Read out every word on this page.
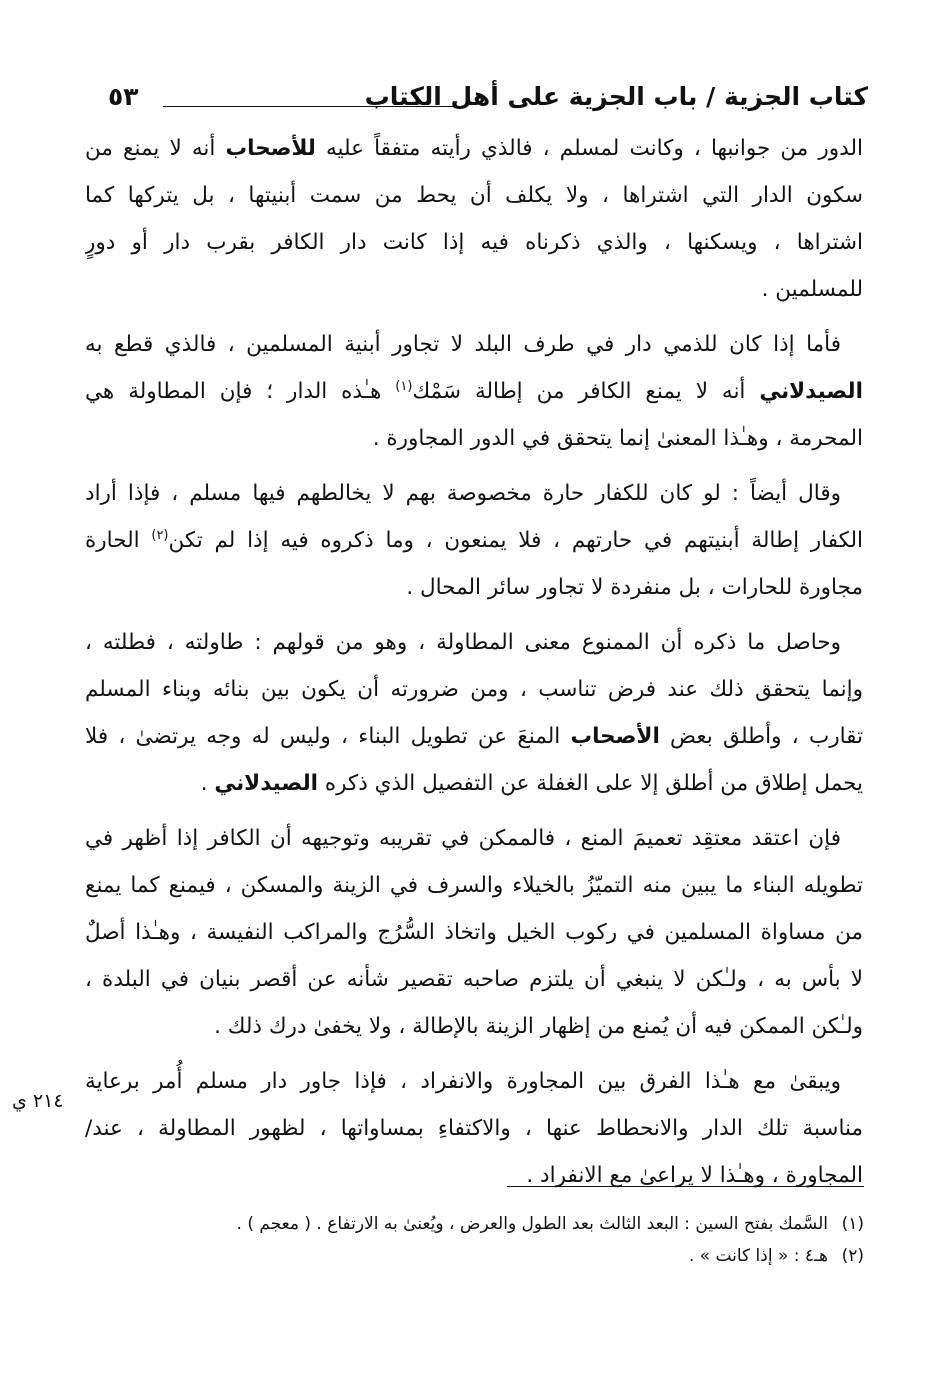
كتاب الجزية / باب الجزية على أهل الكتاب
٥٣
الدور من جوانبها ، وكانت لمسلم ، فالذي رأيته متفقاً عليه للأصحاب أنه لا يمنع من
سكون الدار التي اشتراها ، ولا يكلف أن يحط من سمت أبنيتها ، بل يتركها كما
اشتراها ، ويسكنها ، والذي ذكرناه فيه إذا كانت دار الكافر بقرب دار أو دورٍ
للمسلمين .
فأما إذا كان للذمي دار في طرف البلد لا تجاور أبنية المسلمين ، فالذي قطع به
الصيدلاني أنه لا يمنع الكافر من إطالة سَمْك$^{(١)}$ هـٰذه الدار ؛ فإن المطاولة هي
المحرمة ، وهـٰذا المعنىٰ إنما يتحقق في الدور المجاورة .
وقال أيضاً : لو كان للكفار حارة مخصوصة بهم لا يخالطهم فيها مسلم ، فإذا أراد
الكفار إطالة أبنيتهم في حارتهم ، فلا يمنعون ، وما ذكروه فيه إذا لم تكن$^{(٢)}$ الحارة
مجاورة للحارات ، بل منفردة لا تجاور سائر المحال .
وحاصل ما ذكره أن الممنوع معنى المطاولة ، وهو من قولهم : طاولته ، فطلته ،
وإنما يتحقق ذلك عند فرض تناسب ، ومن ضرورته أن يكون بين بنائه وبناء المسلم
تقارب ، وأطلق بعض الأصحاب المنعَ عن تطويل البناء ، وليس له وجه يرتضىٰ ، فلا
يحمل إطلاق من أطلق إلا على الغفلة عن التفصيل الذي ذكره الصيدلاني .
فإن اعتقد معتقِد تعميمَ المنع ، فالممكن في تقريبه وتوجيهه أن الكافر إذا أظهر في
تطويله البناء ما يبين منه التميّزُ بالخيلاء والسرف في الزينة والمسكن ، فيمنع كما يمنع
من مساواة المسلمين في ركوب الخيل واتخاذ السُّرُج والمراكب النفيسة ، وهـٰذا أصلٌ
لا بأس به ، ولـٰكن لا ينبغي أن يلتزم صاحبه تقصير شأنه عن أقصر بنيان في البلدة ،
ولـٰكن الممكن فيه أن يُمنع من إظهار الزينة بالإطالة ، ولا يخفىٰ درك ذلك .
ويبقىٰ مع هـٰذا الفرق بين المجاورة والانفراد ، فإذا جاور دار مسلم أُمر برعاية
مناسبة تلك الدار والانحطاط عنها ، والاكتفاءِ بمساواتها ، لظهور المطاولة ، عند/
المجاورة ، وهـٰذا لا يراعىٰ مع الانفراد .
٢١٤ ي
(١)السَّمك بفتح السين : البعد الثالث بعد الطول والعرض ، ويُعنىٰ به الارتفاع . ( معجم ) .
(٢)هـ٤ : « إذا كانت » .
